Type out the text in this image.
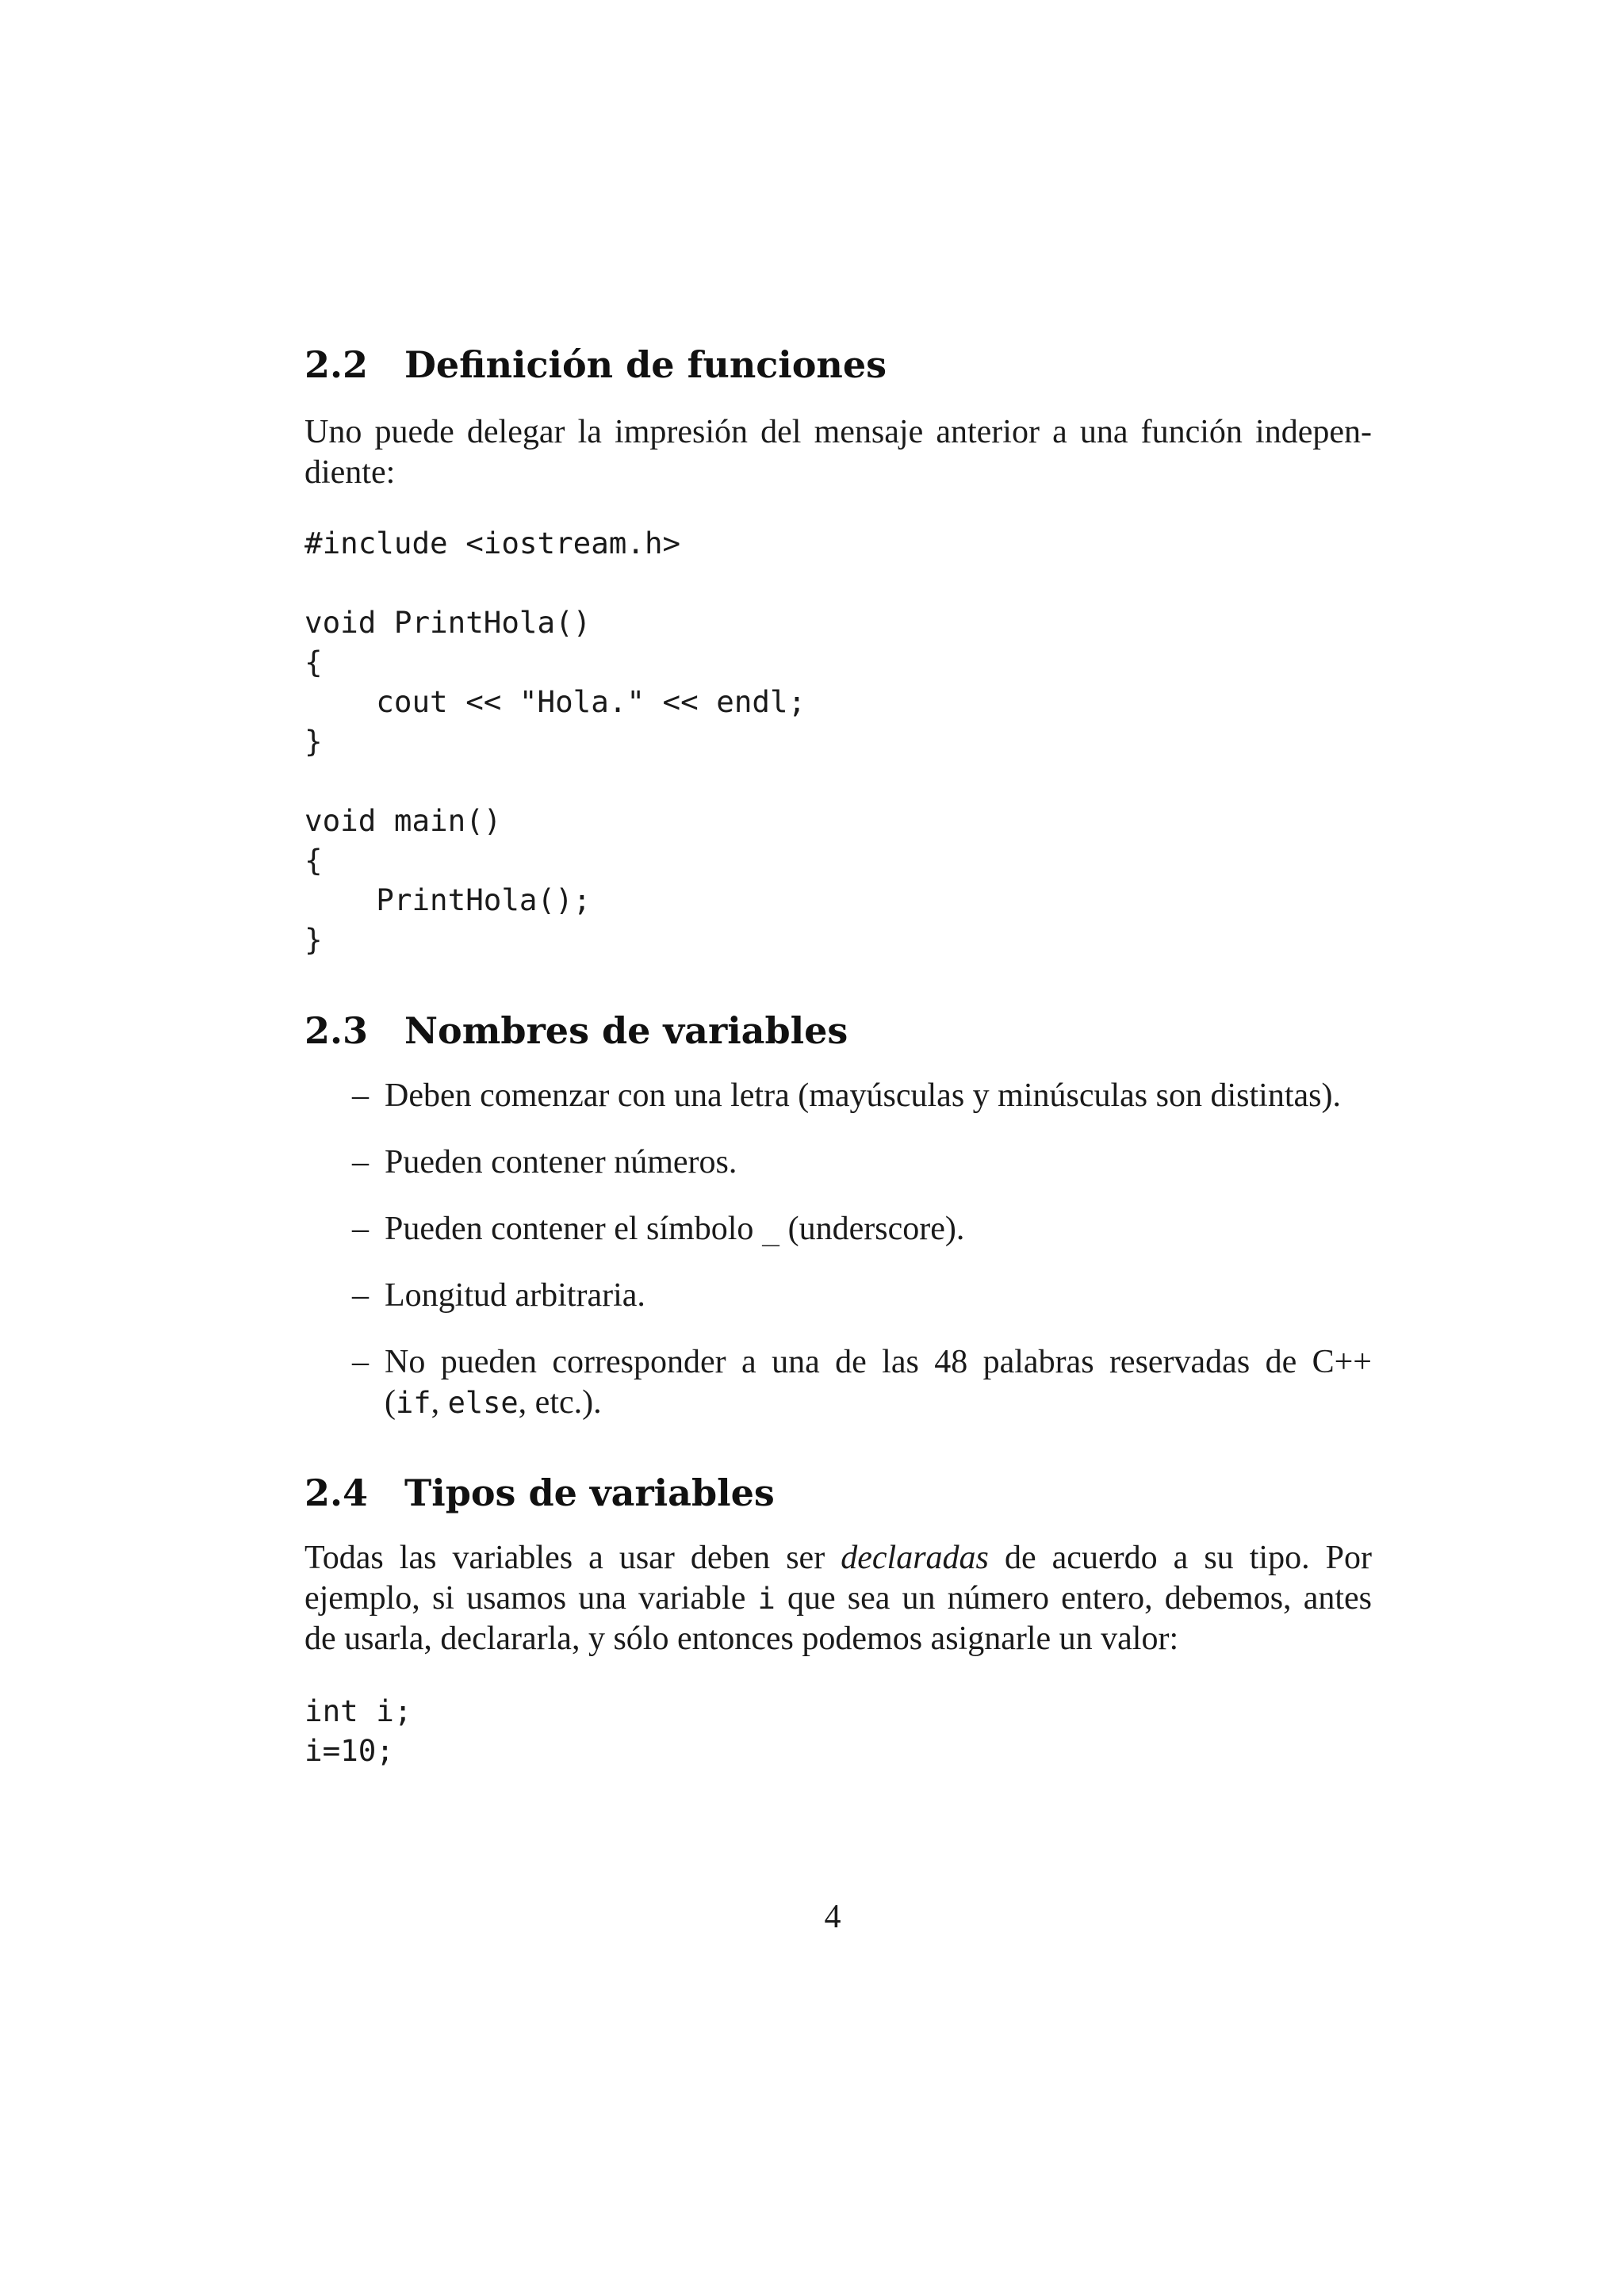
2.2 Definición de funciones

Uno puede delegar la impresión del mensaje anterior a una función indepen-
diente:

#include <iostream.h>

void PrintHola()
{
cout << "Hola." << endl;
}

void main()
{
PrintHola();
}
2.3 Nombres de variables
– Deben comenzar con una letra (mayúsculas y minúsculas son distintas).
– Pueden contener números.
– Pueden contener el símbolo _ (underscore).
– Longitud arbitraria.
– No pueden corresponder a una de las 48 palabras reservadas de C++
(if, else, etc.).
2.4 Tipos de variables

Todas las variables a usar deben ser declaradas de acuerdo a su tipo. Por
ejemplo, si usamos una variable i que sea un número entero, debemos, antes
de usarla, declararla, y sólo entonces podemos asignarle un valor:

int i;
i=10;
4
